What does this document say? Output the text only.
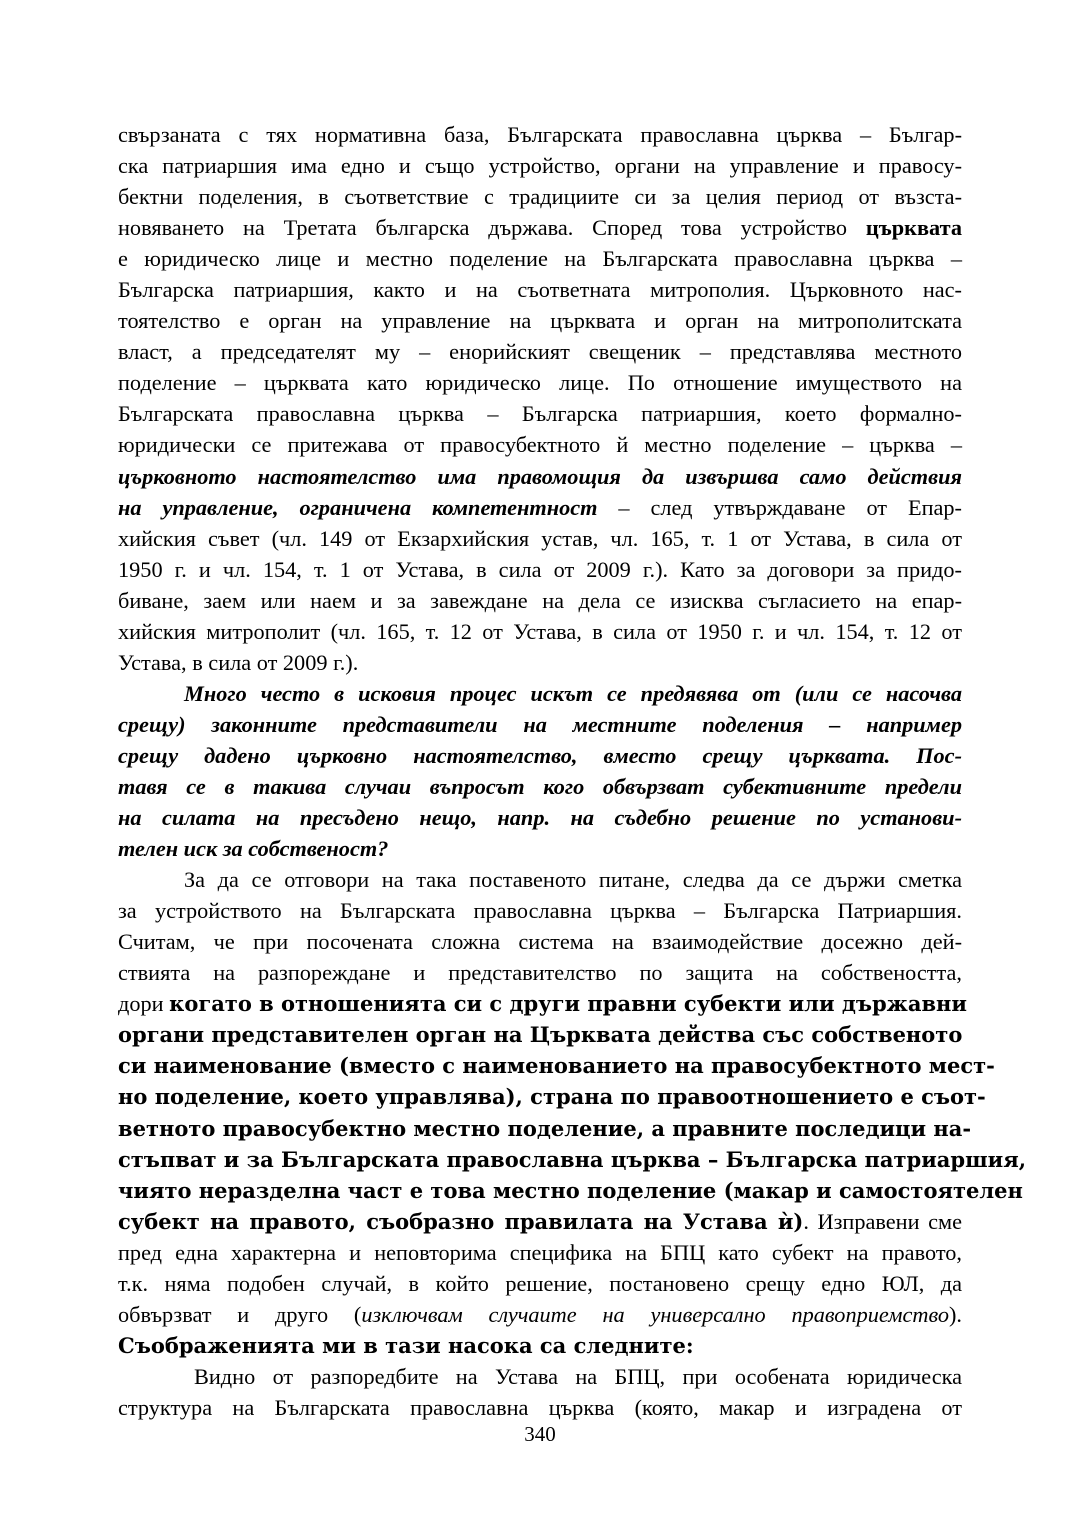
свързаната с тях нормативна база, Българската православна църква – Българ-
ска патриаршия има едно и също устройство, органи на управление и правосу-
бектни поделения, в съответствие с традициите си за целия период от възста-
новяването на Третата българска държава. Според това устройство църквата
е юридическо лице и местно поделение на Българската православна църква –
Българска патриаршия, както и на съответната митрополия. Църковното нас-
тоятелство е орган на управление на църквата и орган на митрополитската
власт, а председателят му – енорийският свещеник – представлява местното
поделение – църквата като юридическо лице. По отношение имуществото на
Българската православна църква – Българска патриаршия, което формално-
юридически се притежава от правосубектното й местно поделение – църква –
църковното настоятелство има правомощия да извършва само действия
на управление, ограничена компетентност – след утвърждаване от Епар-
хийския съвет (чл. 149 от Екзархийския устав, чл. 165, т. 1 от Устава, в сила от
1950 г. и чл. 154, т. 1 от Устава, в сила от 2009 г.). Като за договори за придо-
биване, заем или наем и за завеждане на дела се изисква съгласието на епар-
хийския митрополит (чл. 165, т. 12 от Устава, в сила от 1950 г. и чл. 154, т. 12 от
Устава, в сила от 2009 г.).
Много често в исковия процес искът се предявява от (или се насочва
срещу) законните представители на местните поделения – например
срещу дадено църковно настоятелство, вместо срещу църквата. Пос-
тавя се в такива случаи въпросът кого обвързват субективните предели
на силата на пресъдено нещо, напр. на съдебно решение по установи-
телен иск за собственост?
За да се отговори на така поставеното питане, следва да се държи сметка
за устройството на Българската православна църква – Българска Патриаршия.
Считам, че при посочената сложна система на взаимодействие досежно дей-
ствията на разпореждане и представителство по защита на собствеността,
дори когато в отношенията си с други правни субекти или държавни
органи представителен орган на Църквата действа със собственото
си наименование (вместо с наименованието на правосубектното мест-
но поделение, което управлява), страна по правоотношението е съот-
ветното правосубектно местно поделение, а правните последици на-
стъпват и за Българската православна църква – Българска патриаршия,
чиято неразделна част е това местно поделение (макар и самостоятелен
субект на правото, съобразно правилата на Устава ѝ). Изправени сме
пред една характерна и неповторима специфика на БПЦ като субект на правото,
т.к. няма подобен случай, в който решение, постановено срещу едно ЮЛ, да
обвързват и друго (изключвам случаите на универсално правоприемство).
Съображенията ми в тази насока са следните:
Видно от разпоредбите на Устава на БПЦ, при особената юридическа
структура на Българската православна църква (която, макар и изградена от
340
